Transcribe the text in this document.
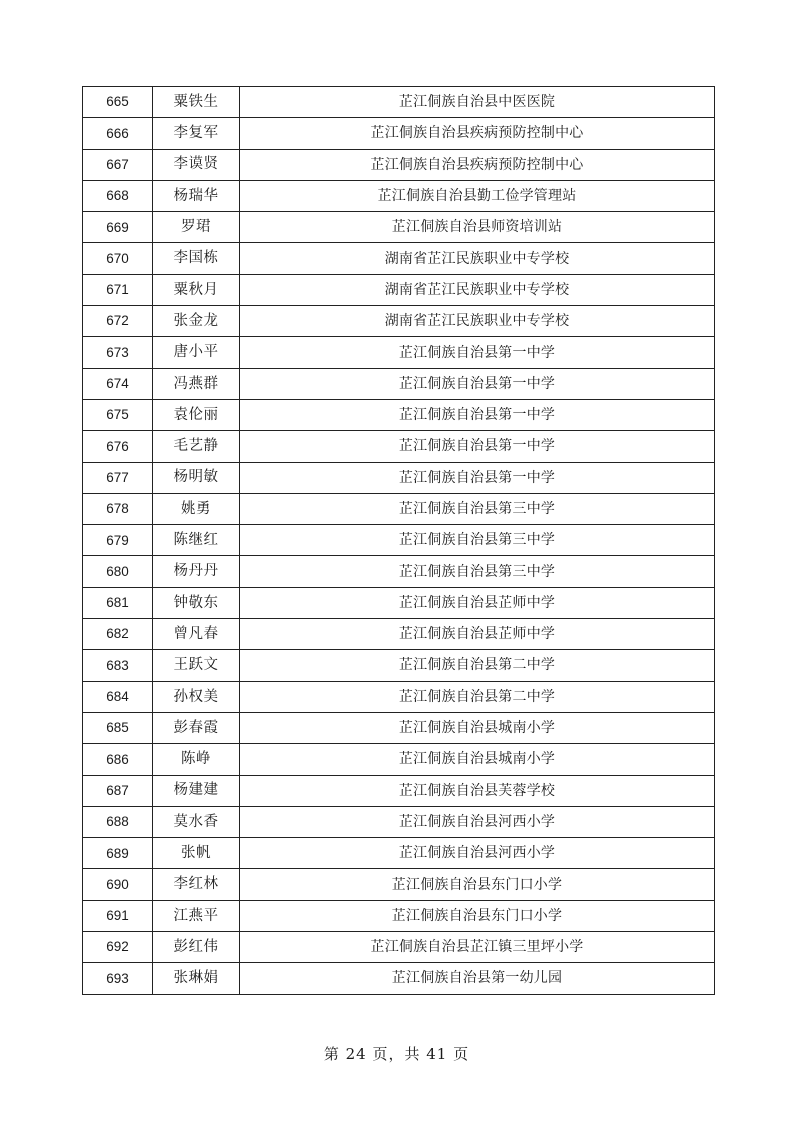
665	粟铁生	芷江侗族自治县中医医院
666	李复军	芷江侗族自治县疾病预防控制中心
667	李谟贤	芷江侗族自治县疾病预防控制中心
668	杨瑞华	芷江侗族自治县勤工俭学管理站
669	罗珺	芷江侗族自治县师资培训站
670	李国栋	湖南省芷江民族职业中专学校
671	粟秋月	湖南省芷江民族职业中专学校
672	张金龙	湖南省芷江民族职业中专学校
673	唐小平	芷江侗族自治县第一中学
674	冯燕群	芷江侗族自治县第一中学
675	袁伦丽	芷江侗族自治县第一中学
676	毛艺静	芷江侗族自治县第一中学
677	杨明敏	芷江侗族自治县第一中学
678	姚勇	芷江侗族自治县第三中学
679	陈继红	芷江侗族自治县第三中学
680	杨丹丹	芷江侗族自治县第三中学
681	钟敬东	芷江侗族自治县芷师中学
682	曾凡春	芷江侗族自治县芷师中学
683	王跃文	芷江侗族自治县第二中学
684	孙权美	芷江侗族自治县第二中学
685	彭春霞	芷江侗族自治县城南小学
686	陈峥	芷江侗族自治县城南小学
687	杨建建	芷江侗族自治县芙蓉学校
688	莫水香	芷江侗族自治县河西小学
689	张帆	芷江侗族自治县河西小学
690	李红林	芷江侗族自治县东门口小学
691	江燕平	芷江侗族自治县东门口小学
692	彭红伟	芷江侗族自治县芷江镇三里坪小学
693	张琳娟	芷江侗族自治县第一幼儿园
第 24 页，共 41 页
